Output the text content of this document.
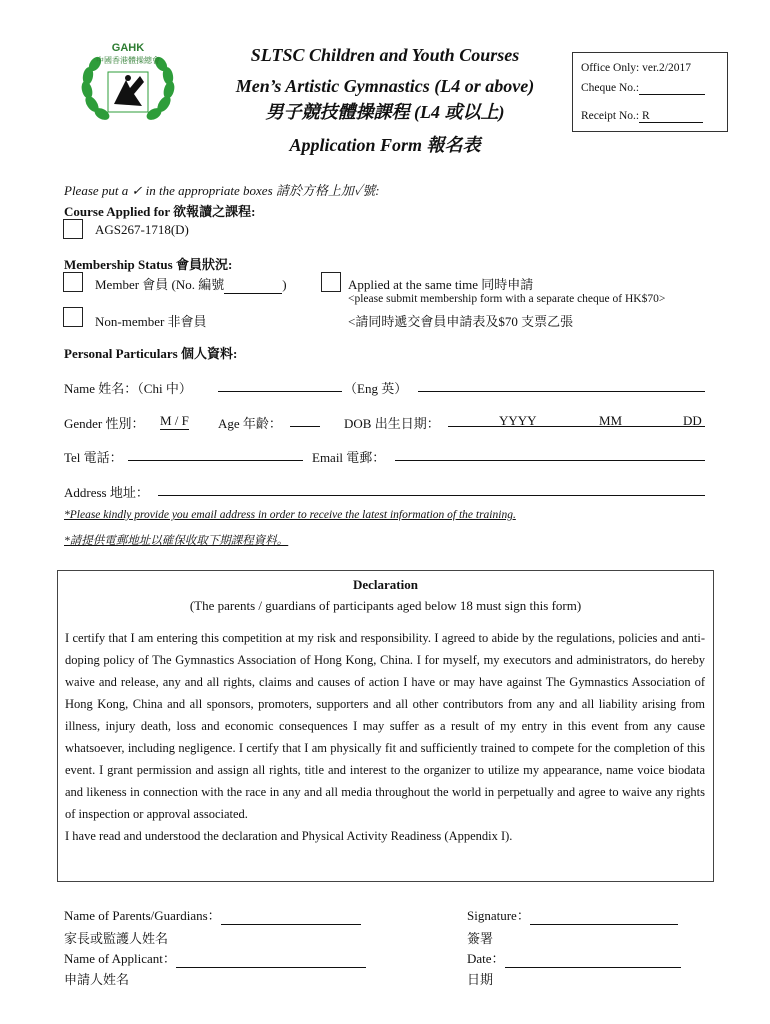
GAHK
中國香港體操總會	SLTSC Children and Youth Courses
Men’s Artistic Gymnastics (L4 or above)
男子競技體操課程 (L4 或以上)
Application Form 報名表
Office Only: ver.2/2017
Cheque No.:
Receipt No.: R
Please put a ✓ in the appropriate boxes 請於方格上加✓號:
Course Applied for 欲報讀之課程:
AGS267-1718(D)
Membership Status 會員狀況:
Member 會員 (No. 編號	)	Applied at the same time 同時申請
<please submit membership form with a separate cheque of HK$70>
Non-member 非會員	<請同時遞交會員申請表及$70 支票乙張
Personal Particulars 個人資料:
Name 姓名：（Chi 中）	（Eng 英）
Gender 性別： M / F Age 年齡：	DOB 出生日期：	YYYY	MM	DD
Tel 電話：	Email 電郵：
Address 地址：
*Please kindly provide you email address in order to receive the latest information of the training.
*請提供電郵地址以確保收取下期課程資料。
Declaration
(The parents / guardians of participants aged below 18 must sign this form)

I certify that I am entering this competition at my risk and responsibility. I agreed to abide by the regulations, policies and anti-doping policy of The Gymnastics Association of Hong Kong, China. I for myself, my executors and administrators, do hereby waive and release, any and all rights, claims and causes of action I have or may have against The Gymnastics Association of Hong Kong, China and all sponsors, promoters, supporters and all other contributors from any and all liability arising from illness, injury death, loss and economic consequences I may suffer as a result of my entry in this event from any cause whatsoever, including negligence. I certify that I am physically fit and sufficiently trained to compete for the completion of this event. I grant permission and assign all rights, title and interest to the organizer to utilize my appearance, name voice biodata and likeness in connection with the race in any and all media throughout the world in perpetually and agree to waive any rights of inspection or approval associated.

I have read and understood the declaration and Physical Activity Readiness (Appendix I).

Name of Parents/Guardians：
家長或監護人姓名
Name of Applicant：
申請人姓名
Signature：
簽署
Date：
日期
